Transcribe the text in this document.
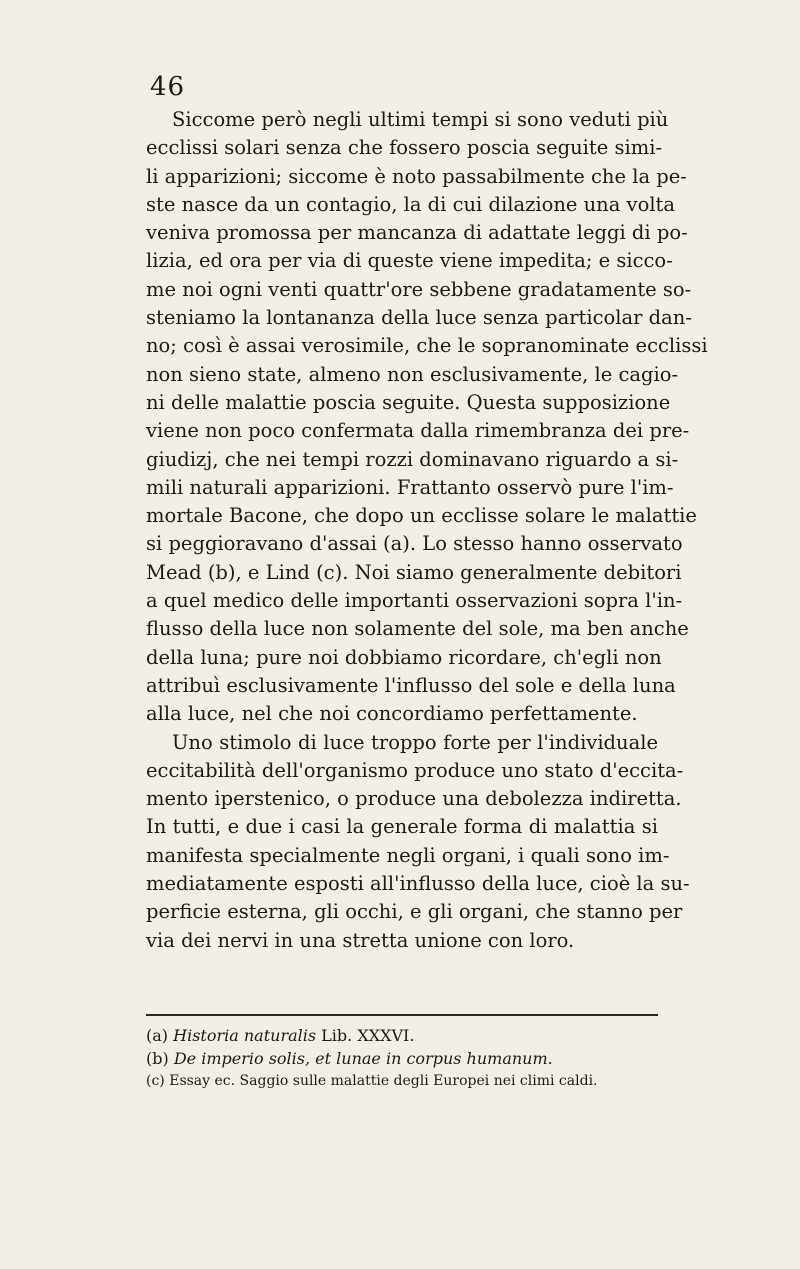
46
Siccome però negli ultimi tempi si sono veduti più
ecclissi solari senza che fossero poscia seguite simi-
li apparizioni; siccome è noto passabilmente che la pe-
ste nasce da un contagio, la di cui dilazione una volta
veniva promossa per mancanza di adattate leggi di po-
lizia, ed ora per via di queste viene impedita; e sicco-
me noi ogni venti quattr'ore sebbene gradatamente so-
steniamo la lontananza della luce senza particolar dan-
no; così è assai verosimile, che le sopranominate ecclissi
non sieno state, almeno non esclusivamente, le cagio-
ni delle malattie poscia seguite. Questa supposizione
viene non poco confermata dalla rimembranza dei pre-
giudizj, che nei tempi rozzi dominavano riguardo a si-
mili naturali apparizioni. Frattanto osservò pure l'im-
mortale Bacone, che dopo un ecclisse solare le malattie
si peggioravano d'assai (a). Lo stesso hanno osservato
Mead (b), e Lind (c). Noi siamo generalmente debitori
a quel medico delle importanti osservazioni sopra l'in-
flusso della luce non solamente del sole, ma ben anche
della luna; pure noi dobbiamo ricordare, ch'egli non
attribuì esclusivamente l'influsso del sole e della luna
alla luce, nel che noi concordiamo perfettamente.
Uno stimolo di luce troppo forte per l'individuale
eccitabilità dell'organismo produce uno stato d'eccita-
mento iperstenico, o produce una debolezza indiretta.
In tutti, e due i casi la generale forma di malattia si
manifesta specialmente negli organi, i quali sono im-
mediatamente esposti all'influsso della luce, cioè la su-
perficie esterna, gli occhi, e gli organi, che stanno per
via dei nervi in una stretta unione con loro.
(a) Historia naturalis Lib. XXXVI.
(b) De imperio solis, et lunae in corpus humanum.
(c) Essay ec. Saggio sulle malattie degli Europei nei climi caldi.
